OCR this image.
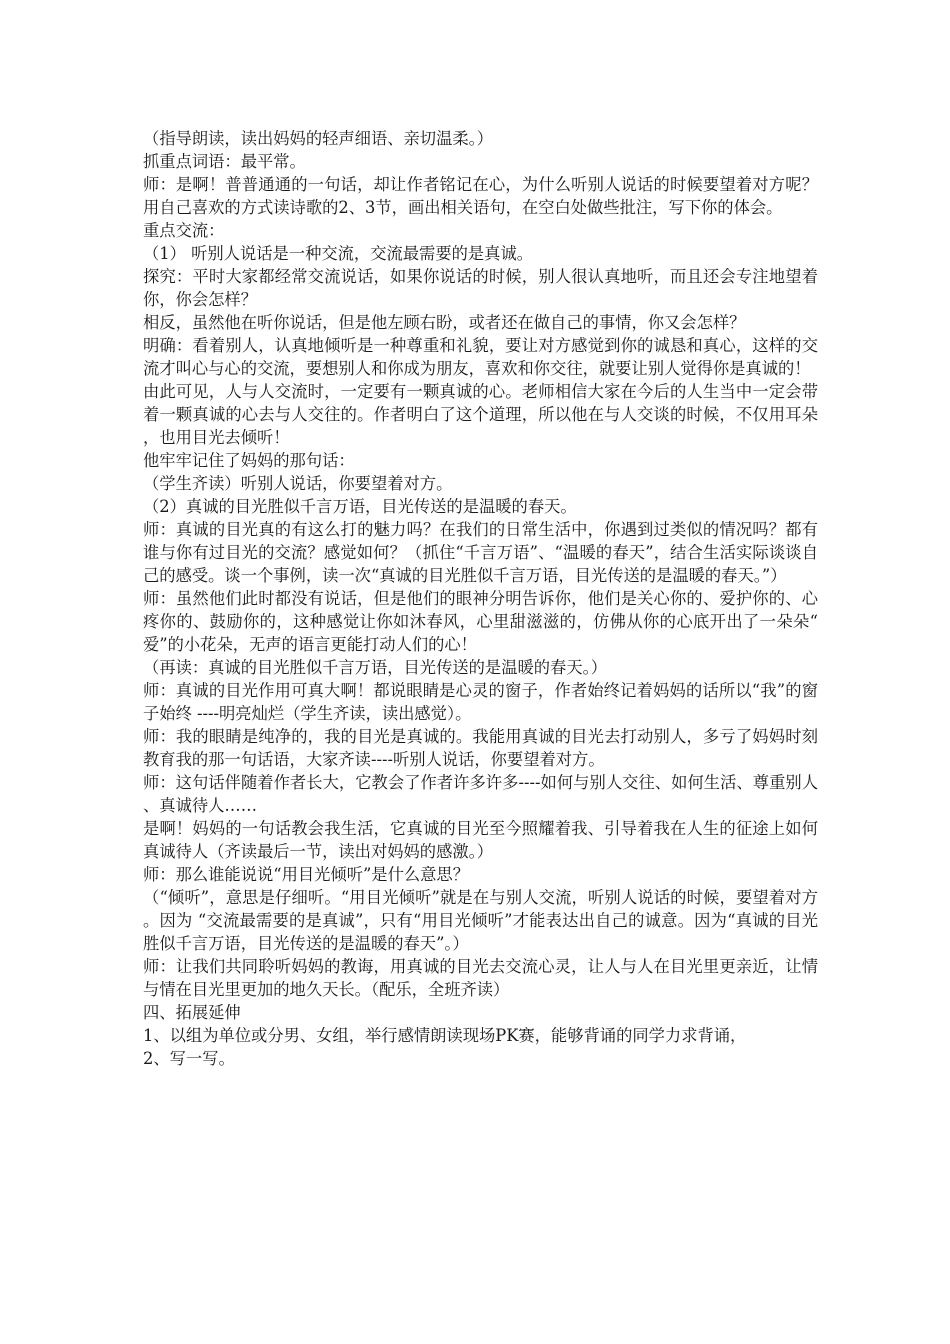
（指导朗读，读出妈妈的轻声细语、亲切温柔。）

抓重点词语：最平常。

师：是啊！普普通通的一句话，却让作者铭记在心，为什么听别人说话的时候要望着对方呢？用自己喜欢的方式读诗歌的2、3节，画出相关语句，在空白处做些批注，写下你的体会。

重点交流：

（1） 听别人说话是一种交流，交流最需要的是真诚。

探究：平时大家都经常交流说话，如果你说话的时候，别人很认真地听，而且还会专注地望着你，你会怎样？

相反，虽然他在听你说话，但是他左顾右盼，或者还在做自己的事情，你又会怎样？

明确：看着别人，认真地倾听是一种尊重和礼貌，要让对方感觉到你的诚恳和真心，这样的交流才叫心与心的交流，要想别人和你成为朋友，喜欢和你交往，就要让别人觉得你是真诚的！

由此可见，人与人交流时，一定要有一颗真诚的心。老师相信大家在今后的人生当中一定会带着一颗真诚的心去与人交往的。作者明白了这个道理，所以他在与人交谈的时候，不仅用耳朵，也用目光去倾听！

他牢牢记住了妈妈的那句话：

（学生齐读）听别人说话，你要望着对方。

（2）真诚的目光胜似千言万语，目光传送的是温暖的春天。

师：真诚的目光真的有这么打的魅力吗？在我们的日常生活中，你遇到过类似的情况吗？都有谁与你有过目光的交流？感觉如何？（抓住“千言万语”、“温暖的春天”，结合生活实际谈谈自己的感受。谈一个事例，读一次“真诚的目光胜似千言万语，目光传送的是温暖的春天。”）

师：虽然他们此时都没有说话，但是他们的眼神分明告诉你，他们是关心你的、爱护你的、心疼你的、鼓励你的，这种感觉让你如沐春风，心里甜滋滋的，仿佛从你的心底开出了一朵朵“爱”的小花朵，无声的语言更能打动人们的心！

（再读：真诚的目光胜似千言万语，目光传送的是温暖的春天。）

师：真诚的目光作用可真大啊！都说眼睛是心灵的窗子，作者始终记着妈妈的话所以“我”的窗子始终 ----明亮灿烂（学生齐读，读出感觉）。

师：我的眼睛是纯净的，我的目光是真诚的。我能用真诚的目光去打动别人，多亏了妈妈时刻教育我的那一句话语，大家齐读----听别人说话，你要望着对方。

师：这句话伴随着作者长大，它教会了作者许多许多----如何与别人交往、如何生活、尊重别人、真诚待人……

是啊！妈妈的一句话教会我生活，它真诚的目光至今照耀着我、引导着我在人生的征途上如何真诚待人（齐读最后一节，读出对妈妈的感激。）

师：那么谁能说说“用目光倾听”是什么意思？

（“倾听”，意思是仔细听。“用目光倾听”就是在与别人交流，听别人说话的时候，要望着对方。因为 “交流最需要的是真诚”，只有“用目光倾听”才能表达出自己的诚意。因为“真诚的目光胜似千言万语，目光传送的是温暖的春天”。）

师：让我们共同聆听妈妈的教诲，用真诚的目光去交流心灵，让人与人在目光里更亲近，让情与情在目光里更加的地久天长。（配乐，全班齐读）

四、拓展延伸

1、以组为单位或分男、女组，举行感情朗读现场PK赛，能够背诵的同学力求背诵，

2、写一写。
